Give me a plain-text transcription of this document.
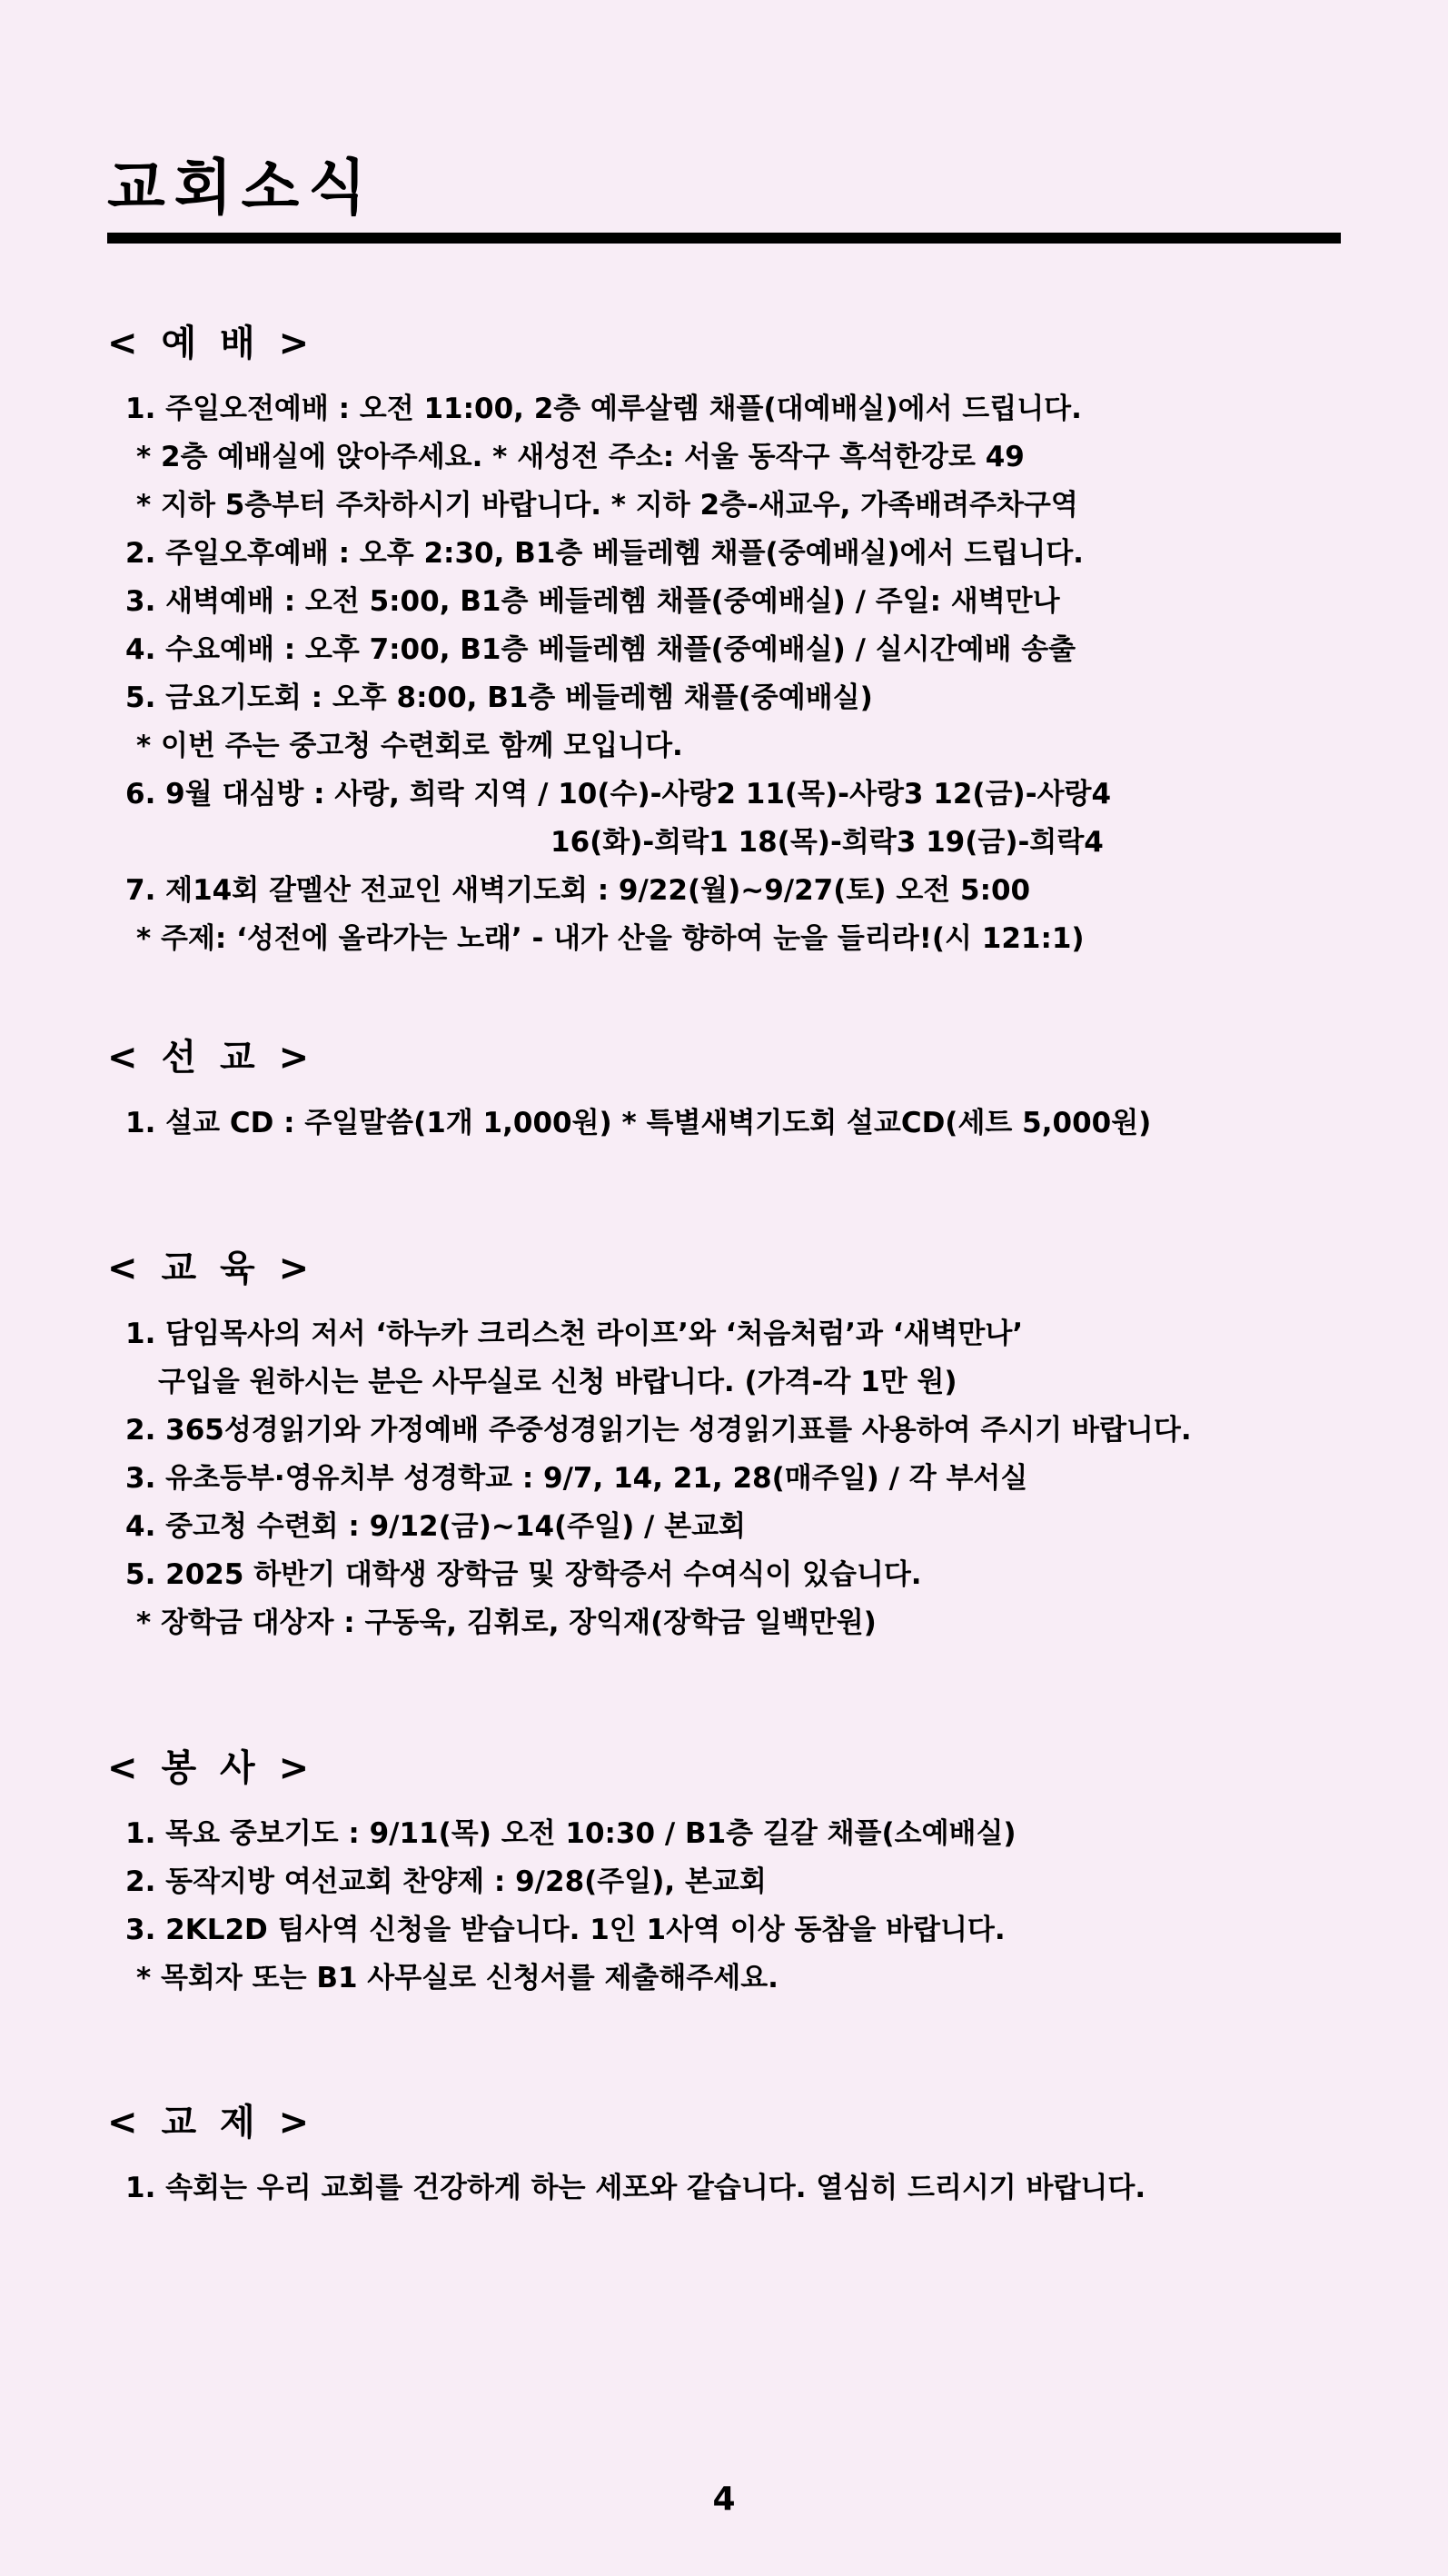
교회소식
< 예 배 >
1. 주일오전예배 : 오전 11:00, 2층 예루살렘 채플(대예배실)에서 드립니다.
* 2층 예배실에 앉아주세요. * 새성전 주소: 서울 동작구 흑석한강로 49
* 지하 5층부터 주차하시기 바랍니다. * 지하 2층-새교우, 가족배려주차구역
2. 주일오후예배 : 오후 2:30, B1층 베들레헴 채플(중예배실)에서 드립니다.
3. 새벽예배 : 오전 5:00, B1층 베들레헴 채플(중예배실) / 주일: 새벽만나
4. 수요예배 : 오후 7:00, B1층 베들레헴 채플(중예배실) / 실시간예배 송출
5. 금요기도회 : 오후 8:00, B1층 베들레헴 채플(중예배실)
* 이번 주는 중고청 수련회로 함께 모입니다.
6. 9월 대심방 : 사랑, 희락 지역 / 10(수)-사랑2 11(목)-사랑3 12(금)-사랑4
16(화)-희락1 18(목)-희락3 19(금)-희락4
7. 제14회 갈멜산 전교인 새벽기도회 : 9/22(월)~9/27(토) 오전 5:00
* 주제: ‘성전에 올라가는 노래’ - 내가 산을 향하여 눈을 들리라!(시 121:1)
< 선 교 >
1. 설교 CD : 주일말씀(1개 1,000원) * 특별새벽기도회 설교CD(세트 5,000원)
< 교 육 >
1. 담임목사의 저서 ‘하누카 크리스천 라이프’와 ‘처음처럼’과 ‘새벽만나’
구입을 원하시는 분은 사무실로 신청 바랍니다. (가격-각 1만 원)
2. 365성경읽기와 가정예배 주중성경읽기는 성경읽기표를 사용하여 주시기 바랍니다.
3. 유초등부·영유치부 성경학교 : 9/7, 14, 21, 28(매주일) / 각 부서실
4. 중고청 수련회 : 9/12(금)~14(주일) / 본교회
5. 2025 하반기 대학생 장학금 및 장학증서 수여식이 있습니다.
* 장학금 대상자 : 구동욱, 김휘로, 장익재(장학금 일백만원)
< 봉 사 >
1. 목요 중보기도 : 9/11(목) 오전 10:30 / B1층 길갈 채플(소예배실)
2. 동작지방 여선교회 찬양제 : 9/28(주일), 본교회
3. 2KL2D 팀사역 신청을 받습니다. 1인 1사역 이상 동참을 바랍니다.
* 목회자 또는 B1 사무실로 신청서를 제출해주세요.
< 교 제 >
1. 속회는 우리 교회를 건강하게 하는 세포와 같습니다. 열심히 드리시기 바랍니다.
4
